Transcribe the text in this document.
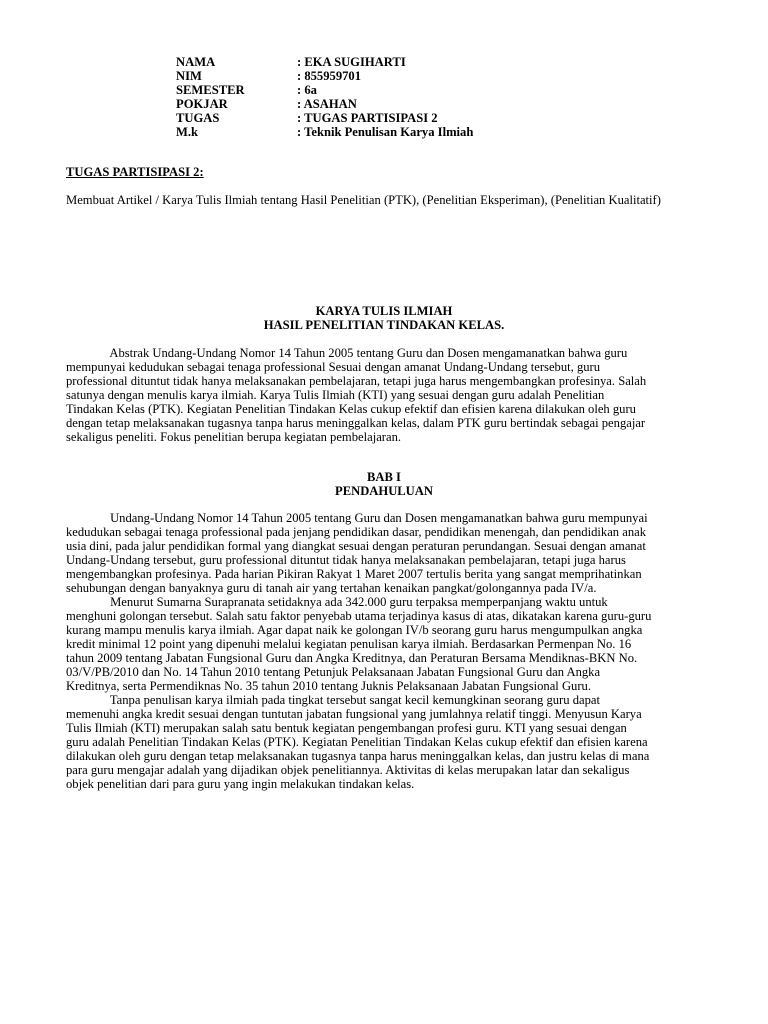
NAMA	: EKA SUGIHARTI
NIM	: 855959701
SEMESTER	: 6a
POKJAR	: ASAHAN
TUGAS	: TUGAS PARTISIPASI 2
M.k	: Teknik Penulisan Karya Ilmiah
TUGAS PARTISIPASI 2:
Membuat Artikel / Karya Tulis Ilmiah tentang Hasil Penelitian (PTK), (Penelitian Eksperiman), (Penelitian Kualitatif)
KARYA TULIS ILMIAH
HASIL PENELITIAN TINDAKAN KELAS.
Abstrak Undang-Undang Nomor 14 Tahun 2005 tentang Guru dan Dosen mengamanatkan bahwa guru
mempunyai kedudukan sebagai tenaga professional Sesuai dengan amanat Undang-Undang tersebut, guru
professional dituntut tidak hanya melaksanakan pembelajaran, tetapi juga harus mengembangkan profesinya. Salah
satunya dengan menulis karya ilmiah. Karya Tulis Ilmiah (KTI) yang sesuai dengan guru adalah Penelitian
Tindakan Kelas (PTK). Kegiatan Penelitian Tindakan Kelas cukup efektif dan efisien karena dilakukan oleh guru
dengan tetap melaksanakan tugasnya tanpa harus meninggalkan kelas, dalam PTK guru bertindak sebagai pengajar
sekaligus peneliti. Fokus penelitian berupa kegiatan pembelajaran.
BAB I
PENDAHULUAN
Undang-Undang Nomor 14 Tahun 2005 tentang Guru dan Dosen mengamanatkan bahwa guru mempunyai
kedudukan sebagai tenaga professional pada jenjang pendidikan dasar, pendidikan menengah, dan pendidikan anak
usia dini, pada jalur pendidikan formal yang diangkat sesuai dengan peraturan perundangan. Sesuai dengan amanat
Undang-Undang tersebut, guru professional dituntut tidak hanya melaksanakan pembelajaran, tetapi juga harus
mengembangkan profesinya. Pada harian Pikiran Rakyat 1 Maret 2007 tertulis berita yang sangat memprihatinkan
sehubungan dengan banyaknya guru di tanah air yang tertahan kenaikan pangkat/golongannya pada IV/a.
Menurut Sumarna Surapranata setidaknya ada 342.000 guru terpaksa memperpanjang waktu untuk
menghuni golongan tersebut. Salah satu faktor penyebab utama terjadinya kasus di atas, dikatakan karena guru-guru
kurang mampu menulis karya ilmiah. Agar dapat naik ke golongan IV/b seorang guru harus mengumpulkan angka
kredit minimal 12 point yang dipenuhi melalui kegiatan penulisan karya ilmiah. Berdasarkan Permenpan No. 16
tahun 2009 tentang Jabatan Fungsional Guru dan Angka Kreditnya, dan Peraturan Bersama Mendiknas-BKN No.
03/V/PB/2010 dan No. 14 Tahun 2010 tentang Petunjuk Pelaksanaan Jabatan Fungsional Guru dan Angka
Kreditnya, serta Permendiknas No. 35 tahun 2010 tentang Juknis Pelaksanaan Jabatan Fungsional Guru.
Tanpa penulisan karya ilmiah pada tingkat tersebut sangat kecil kemungkinan seorang guru dapat
memenuhi angka kredit sesuai dengan tuntutan jabatan fungsional yang jumlahnya relatif tinggi. Menyusun Karya
Tulis Ilmiah (KTI) merupakan salah satu bentuk kegiatan pengembangan profesi guru. KTI yang sesuai dengan
guru adalah Penelitian Tindakan Kelas (PTK). Kegiatan Penelitian Tindakan Kelas cukup efektif dan efisien karena
dilakukan oleh guru dengan tetap melaksanakan tugasnya tanpa harus meninggalkan kelas, dan justru kelas di mana
para guru mengajar adalah yang dijadikan objek penelitiannya. Aktivitas di kelas merupakan latar dan sekaligus
objek penelitian dari para guru yang ingin melakukan tindakan kelas.
